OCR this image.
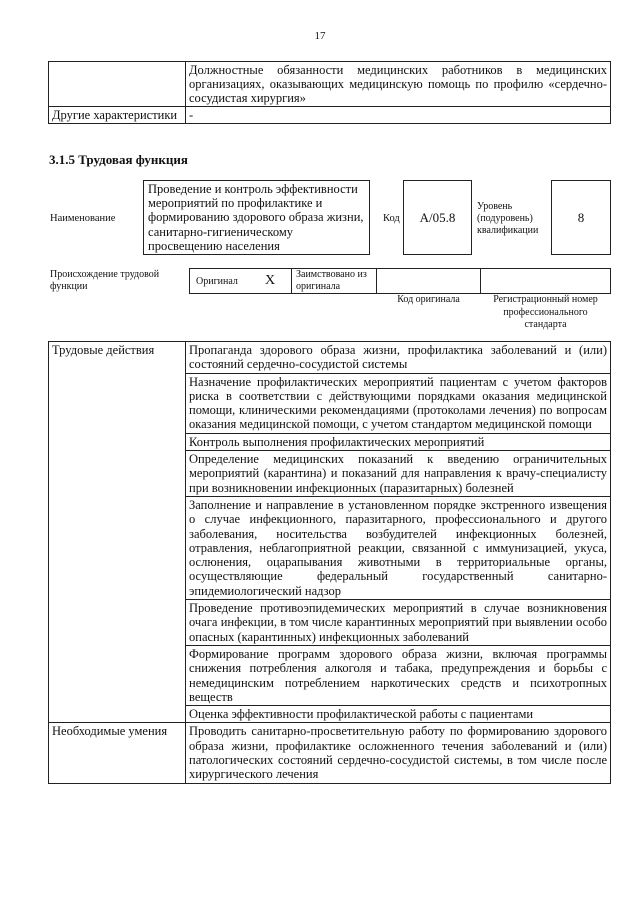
17
	Должностные обязанности медицинских работников в медицинских организациях, оказывающих медицинскую помощь по профилю «сердечно-сосудистая хирургия»
Другие характеристики	-
3.1.5 Трудовая функция
Наименование
Проведение и контроль эффективности мероприятий по профилактике и формированию здорового образа жизни, санитарно-гигиеническому просвещению населения
Код	A/05.8
Уровень (подуровень) квалификации
8
Происхождение трудовой функции	Оригинал X	Заимствовано из оригинала
Код оригинала	Регистрационный номер профессионального стандарта
Трудовые действия	Пропаганда здорового образа жизни, профилактика заболеваний и (или) состояний сердечно-сосудистой системы
	Назначение профилактических мероприятий пациентам с учетом факторов риска в соответствии с действующими порядками оказания медицинской помощи, клиническими рекомендациями (протоколами лечения) по вопросам оказания медицинской помощи, с учетом стандартом медицинской помощи
	Контроль выполнения профилактических мероприятий
	Определение медицинских показаний к введению ограничительных мероприятий (карантина) и показаний для направления к врачу-специалисту при возникновении инфекционных (паразитарных) болезней
	Заполнение и направление в установленном порядке экстренного извещения о случае инфекционного, паразитарного, профессионального и другого заболевания, носительства возбудителей инфекционных болезней, отравления, неблагоприятной реакции, связанной с иммунизацией, укуса, ослюнения, оцарапывания животными в территориальные органы, осуществляющие федеральный государственный санитарно-эпидемиологический надзор
	Проведение противоэпидемических мероприятий в случае возникновения очага инфекции, в том числе карантинных мероприятий при выявлении особо опасных (карантинных) инфекционных заболеваний
	Формирование программ здорового образа жизни, включая программы снижения потребления алкоголя и табака, предупреждения и борьбы с немедицинским потреблением наркотических средств и психотропных веществ
	Оценка эффективности профилактической работы с пациентами
Необходимые умения	Проводить санитарно-просветительную работу по формированию здорового образа жизни, профилактике осложненного течения заболеваний и (или) патологических состояний сердечно-сосудистой системы, в том числе после хирургического лечения
